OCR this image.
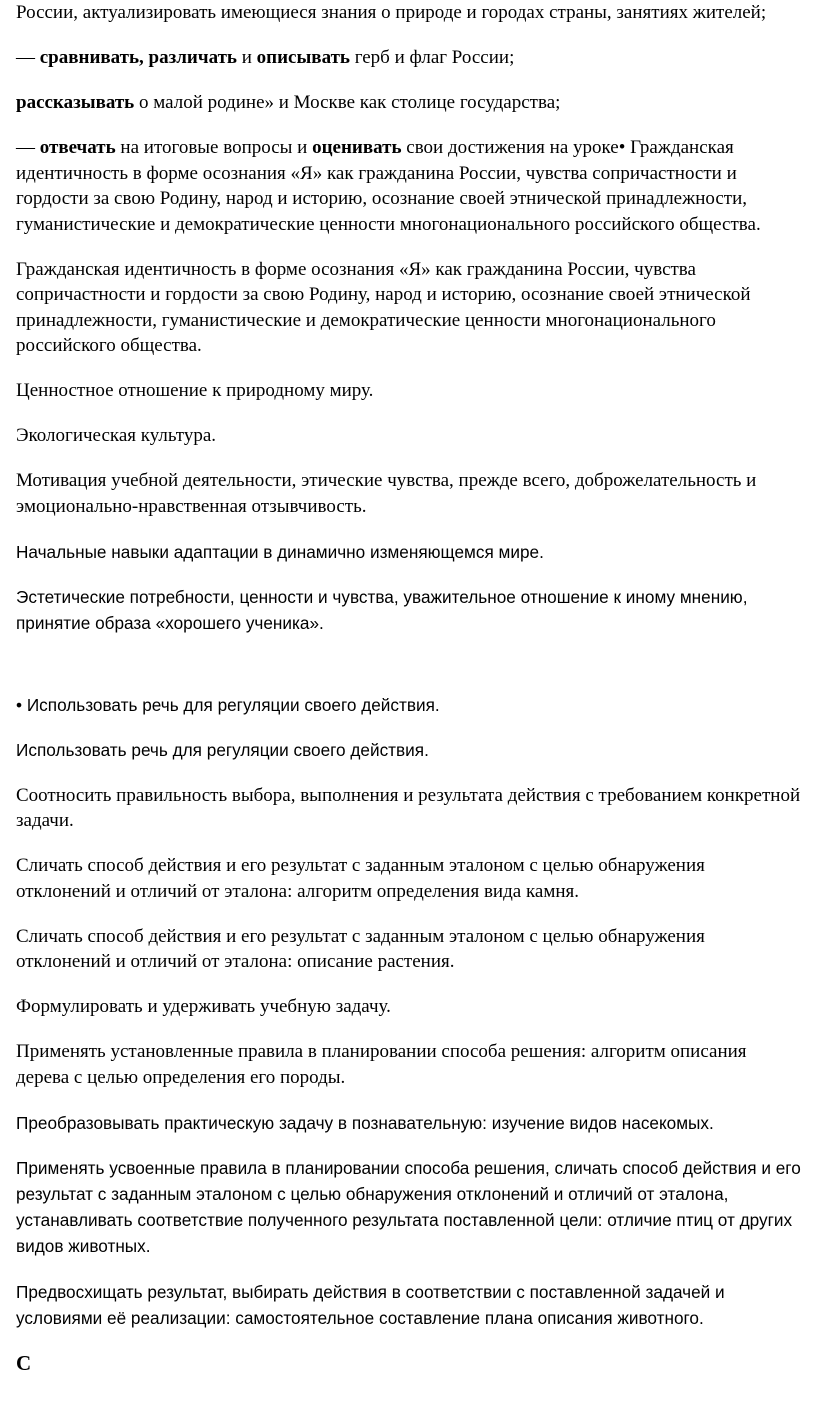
России, актуализировать имеющиеся знания о природе и городах страны, занятиях жителей;

— сравнивать, различать и описывать герб и флаг России;

рассказывать о малой родине» и Москве как столице государства;

— отвечать на итоговые вопросы и оценивать свои достижения на уроке• Гражданская идентичность в форме осознания «Я» как гражданина России, чувства сопричастности и гордости за свою Родину, народ и историю, осознание своей этнической принадлежности, гуманистические и демократические ценности многонационального российского общества.

Гражданская идентичность в форме осознания «Я» как гражданина России, чувства сопричастности и гордости за свою Родину, народ и историю, осознание своей этнической принадлежности, гуманистические и демократические ценности многонационального российского общества.

Ценностное отношение к природному миру.

Экологическая культура.

Мотивация учебной деятельности, этические чувства, прежде всего, доброжелательность и эмоционально-нравственная отзывчивость.

Начальные навыки адаптации в динамично изменяющемся мире.

Эстетические потребности, ценности и чувства, уважительное отношение к иному мнению, принятие образа «хорошего ученика».

• Использовать речь для регуляции своего действия.

Использовать речь для регуляции своего действия.

Соотносить правильность выбора, выполнения и результата действия с требованием конкретной задачи.

Сличать способ действия и его результат с заданным эталоном с целью обнаружения отклонений и отличий от эталона: алгоритм определения вида камня.

Сличать способ действия и его результат с заданным эталоном с целью обнаружения отклонений и отличий от эталона: описание растения.

Формулировать и удерживать учебную задачу.

Применять установленные правила в планировании способа решения: алгоритм описания дерева с целью определения его породы.

Преобразовывать практическую задачу в познавательную: изучение видов насекомых.

Применять усвоенные правила в планировании способа решения, сличать способ действия и его результат с заданным эталоном с целью обнаружения отклонений и отличий от эталона, устанавливать соответствие полученного результата поставленной цели: отличие птиц от других видов животных.

Предвосхищать результат, выбирать действия в соответствии с поставленной задачей и условиями её реализации: самостоятельное составление плана описания животного.

С
